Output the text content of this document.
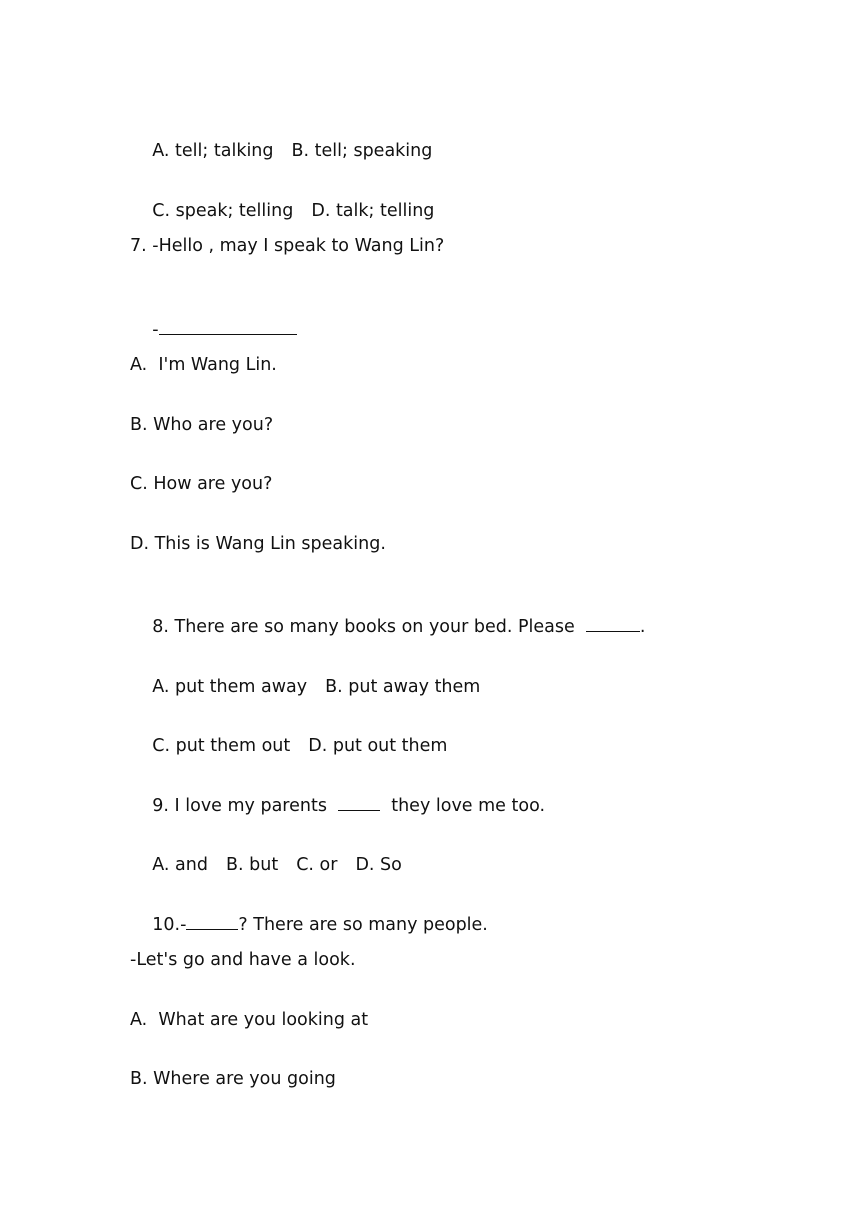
A. tell; talking B. tell; speaking

C. speak; telling D. talk; telling

7. -Hello , may I speak to Wang Lin?

-

A.  I'm Wang Lin.
B. Who are you?
C. How are you?
D. This is Wang Lin speaking.

8. There are so many books on your bed. Please	.

A. put them away B. put away them

C. put them out D. put out them

9. I love my parents	they love me too.

A. and B. but C. or D. So

10.-	? There are so many people.

-Let's go and have a look.
A.  What are you looking at
B. Where are you going
